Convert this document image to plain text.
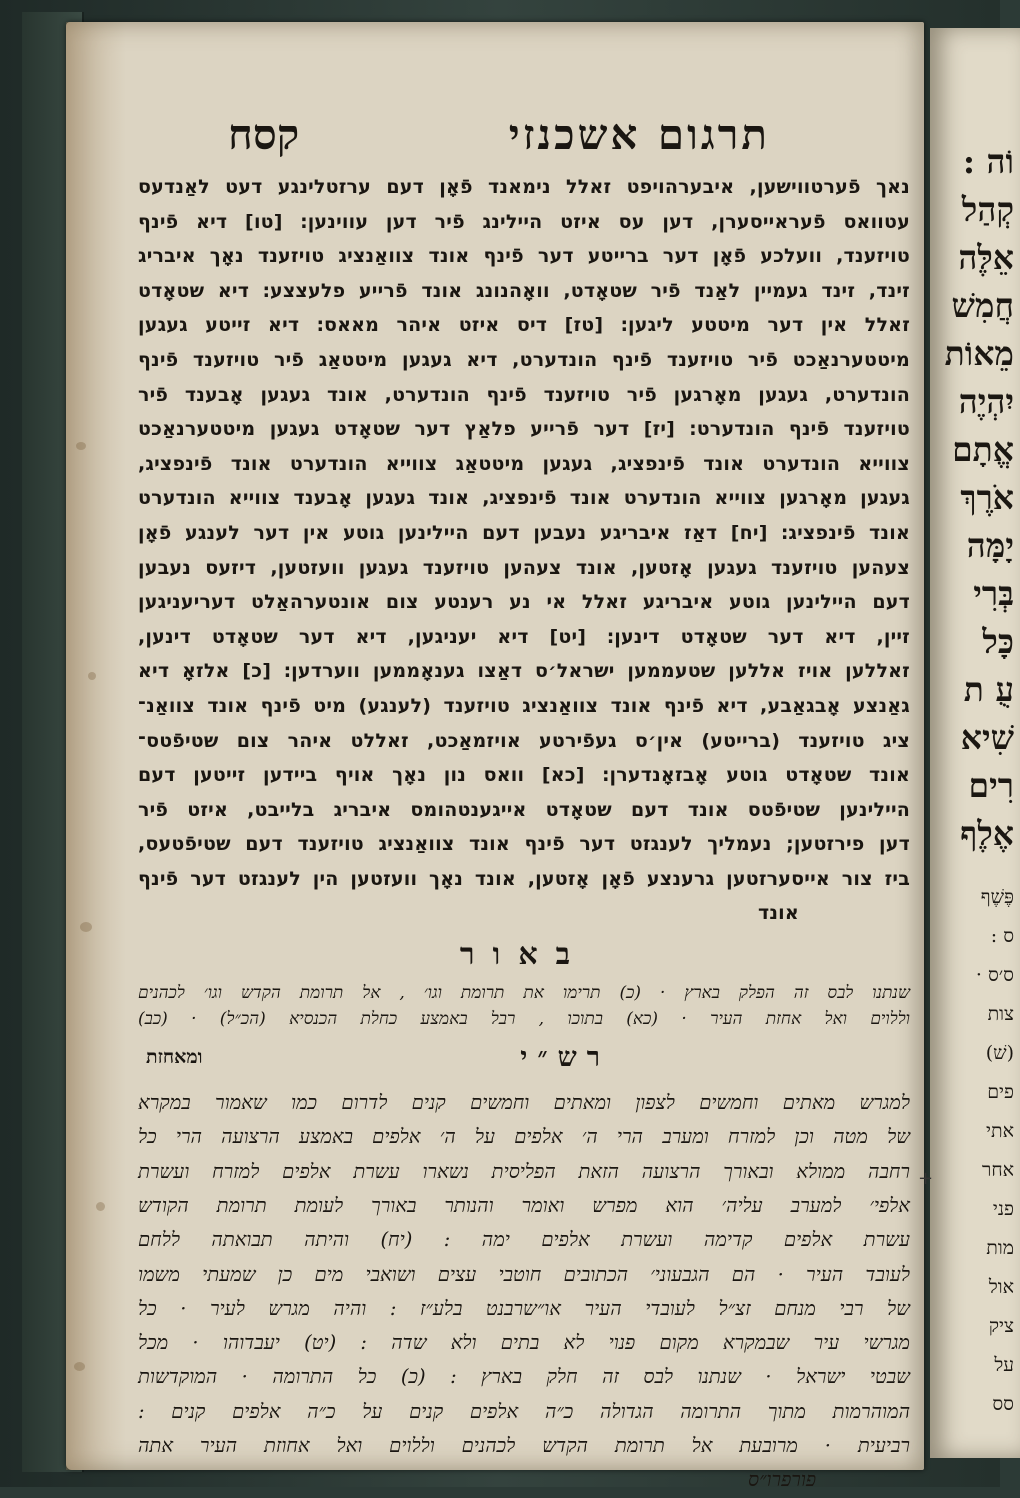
תרגום אשכנזי
קסח
נאך פֿערטווישען, איבערהויפט זאלל נימאנד פֿאָן דעם ערזטלינגע דעט לאַנדעס
עטוואס פֿעראייסערן, דען עס איזט היילינג פֿיר דען עווינען׃ [טו] דיא פֿינף
טויזענד, וועלכע פֿאָן דער ברייטע דער פֿינף אונד צוואַנציג טויזענד נאָך איבריג
זינד, זינד געמיין לאַנד פֿיר שטאָדט, וואָהנונג אונד פֿרייע פלעצצע׃ דיא שטאָדט
זאלל אין דער מיטטע ליגען׃ [טז] דיס איזט איהר מאאס׃ דיא זייטע געגען
מיטטערנאַכט פֿיר טויזענד פֿינף הונדערט, דיא געגען מיטטאַג פֿיר טויזענד פֿינף
הונדערט, געגען מאָרגען פֿיר טויזענד פֿינף הונדערט, אונד געגען אָבענד פֿיר
טויזענד פֿינף הונדערט׃ [יז] דער פֿרייע פלאַץ דער שטאָדט געגען מיטטערנאַכט
צווייא הונדערט אונד פֿינפציג, געגען מיטטאַג צווייא הונדערט אונד פֿינפציג,
געגען מאָרגען צווייא הונדערט אונד פֿינפציג, אונד געגען אָבענד צווייא הונדערט
אונד פֿינפציג׃ [יח] דאַז איבריגע נעבען דעם היילינען גוטע אין דער לענגע פֿאָן
צעהען טויזענד געגען אָזטען, אונד צעהען טויזענד געגען וועזטען, דיזעס נעבען
דעם היילינען גוטע איבריגע זאלל אי נע רענטע צום אונטערהאַלט דעריעניגען
זיין, דיא דער שטאָדט דינען׃ [יט] דיא יעניגען, דיא דער שטאָדט דינען,
זאללען אויז אללען שטעממען ישראל׳ס דאַצו גענאָממען ווערדען׃ [כ] אלזאָ דיא
גאַנצע אָבגאַבע, דיא פֿינף אונד צוואַנציג טויזענד (לענגע) מיט פֿינף אונד צוואַנ־
ציג טויזענד (ברייטע) אין׳ס געפֿירטע אויזמאַכט, זאללט איהר צום שטיפֿטס־
אונד שטאָדט גוטע אָבזאָנדערן׃ [כא] וואס נון נאָך אויף ביידען זייטען דעם
היילינען שטיפֿטס אונד דעם שטאָדט אייגענטהומס איבריג בלייבט, איזט פֿיר
דען פירזטען; נעמליך לענגזט דער פֿינף אונד צוואַנציג טויזענד דעם שטיפֿטעס,
ביז צור אייסערזטען גרענצע פֿאָן אָזטען, אונד נאָך וועזטען הין לענגזט דער פֿינף
אונד
באור
שנתנו לבס זה הפלק בארץ · (כ) תרימו את תרומת וגו׳ , אל תרומת הקדש וגו׳ לכהנים
וללוים ואל אחזת העיר · (כא) בתוכו , רבל באמצע כחלת הכנסיא (הכ״ל) · (כב)
רש״י
ומאחזת
למגרש מאתים וחמשים לצפון ומאתים וחמשים קנים לדרום כמו שאמור במקרא
של מטה וכן למזרח ומערב הרי ה׳ אלפים על ה׳ אלפים באמצע הרצועה הרי כל
רחבה ממולא ובאורך הרצועה הזאת הפליסית נשארו עשרת אלפים למזרח ועשרת
אלפי׳ למערב עליה׳ הוא מפרש ואומר והנותר באורך לעומת תרומת הקודש
עשרת אלפים קדימה ועשרת אלפים ימה : (יח) והיתה תבואתה ללחם
לעובד העיר · הם הגבעוני׳ הכתובים חוטבי עצים ושואבי מים כן שמעתי משמו
של רבי מנחם זצ״ל לעובדי העיר או״שרבנט בלע״ז : והיה מגרש לעיר · כל
מגרשי עיר שבמקרא מקום פנוי לא בתים ולא שדה : (יט) יעבדוהו · מכל
שבטי ישראל · שנתנו לבס זה חלק בארץ : (כ) כל התרומה · המוקדשות
המוהרמות מתוך התרומה הגדולה כ״ה אלפים קנים על כ״ה אלפים קנים :
רביעית · מרובעת אל תרומת הקדש לכהנים וללוים ואל אחוזת העיר אתה
פורפרו״ס
וֹה :
קְהַל
אֵלֶּה
חֲמִשׁ
מֵאוֹת
יִהְיֶה
אֱתָם
אֹרֶךְ
יָמָּה
בְּרִי
כָּל
עֻ ת
שִׁיא
רִים
אֶלֶף
פֶּשֶׁף
ס :
ס׳ס ·
צות
(שׁ)
פים
אתי
אחר
פני
מות
אול
ציק
על
סס
+
